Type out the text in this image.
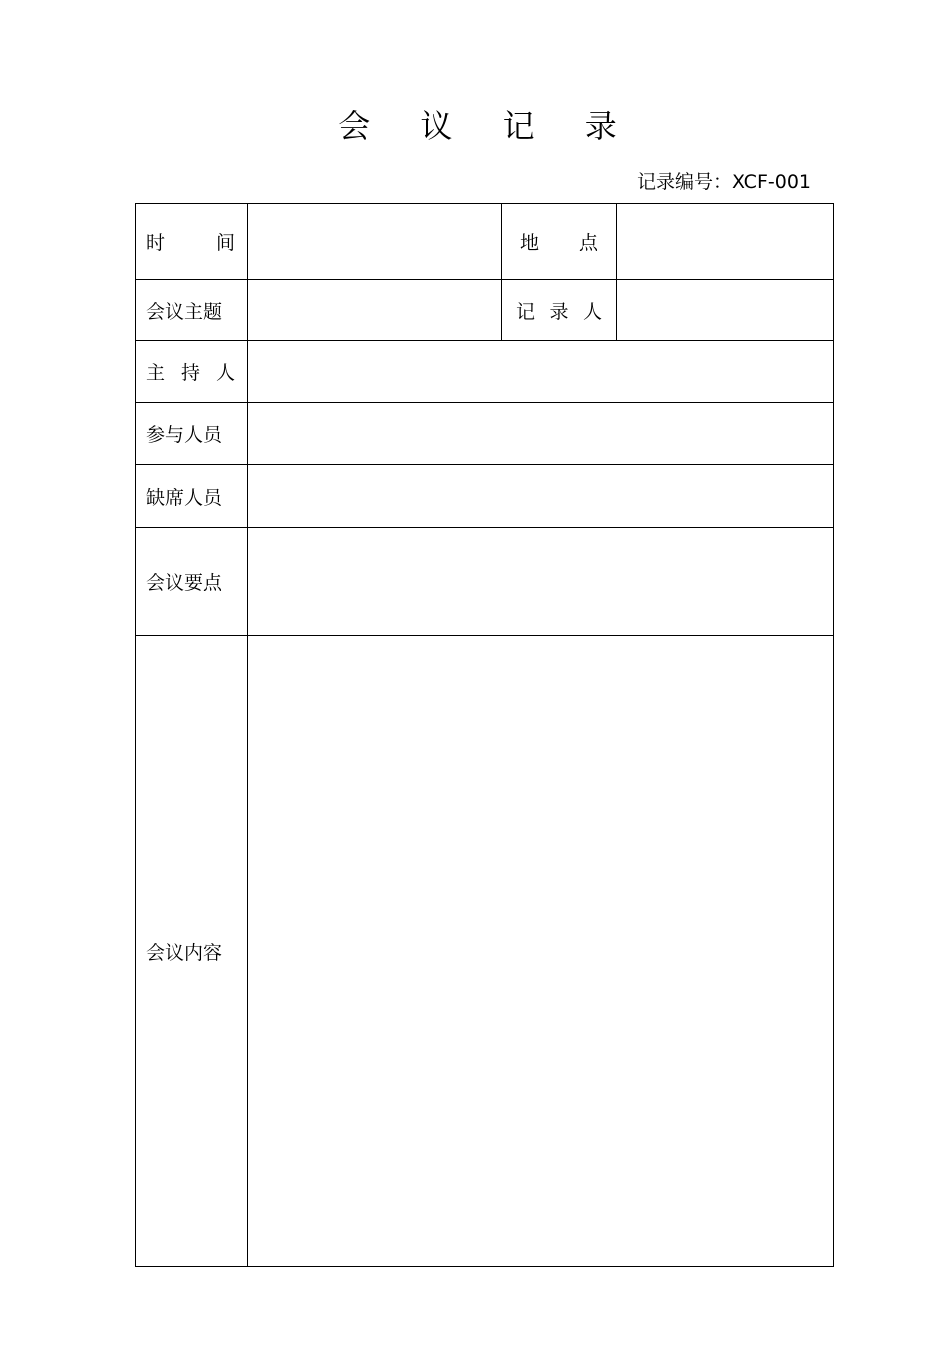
会 议 记 录
记录编号：XCF-001
时 间		地 点	

会议主题		记 录 人	

主 持 人			

参与人员			
缺席人员			
会议要点			
会议内容			
